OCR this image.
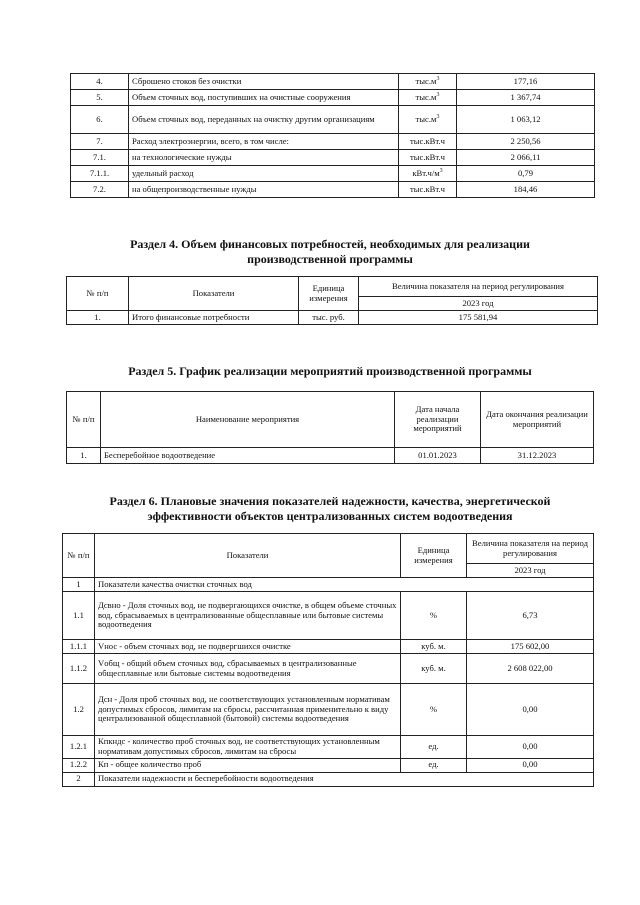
4.	Сброшено стоков без очистки	$тыс.м^3$	177,16
5.	Объем сточных вод, поступивших на очистные сооружения	$тыс.м^3$	1 367,74
6.	Объем сточных вод, переданных на очистку другим организациям	$тыс.м^3$	1 063,12
7.	Расход электроэнергии, всего, в том числе:	тыс.кВт.ч	2 250,56
7.1.	на технологические нужды	тыс.кВт.ч	2 066,11
7.1.1.	удельный расход	$кВт.ч/м^3$	0,79
7.2.	на общепроизводственные нужды	тыс.кВт.ч	184,46
Раздел 4. Объем финансовых потребностей, необходимых для реализации производственной программы
№ п/п	Показатели	Единица измерения	Величина показателя на период регулирования
			2023 год
1.	Итого финансовые потребности	тыс. руб.	175 581,94
Раздел 5. График реализации мероприятий производственной программы
№ п/п	Наименование мероприятия	Дата начала реализации мероприятий	Дата окончания реализации мероприятий
1.	Бесперебойное водоотведение	01.01.2023	31.12.2023
Раздел 6. Плановые значения показателей надежности, качества, энергетической эффективности объектов централизованных систем водоотведения
№ п/п	Показатели	Единица измерения	Величина показателя на период регулирования
			2023 год
1	Показатели качества очистки сточных вод		
1.1	Дсвно - Доля сточных вод, не подвергающихся очистке, в общем объеме сточных вод, сбрасываемых в централизованные общесплавные или бытовые системы водоотведения	%	6,73
1.1.1	Vнос - объем сточных вод, не подвергшихся очистке	куб. м.	175 602,00
1.1.2	Vобщ - общий объем сточных вод, сбрасываемых в централизованные общесплавные или бытовые системы водоотведения	куб. м.	2 608 022,00
1.2	Дсн - Доля проб сточных вод, не соответствующих установленным нормативам допустимых сбросов, лимитам на сбросы, рассчитанная применительно к виду централизованной общесплавной (бытовой) системы водоотведения	%	0,00
1.2.1	Кпкндс - количество проб сточных вод, не соответствующих установленным нормативам допустимых сбросов, лимитам на сбросы	ед.	0,00
1.2.2	Кп - общее количество проб	ед.	0,00
2	Показатели надежности и бесперебойности водоотведения		
